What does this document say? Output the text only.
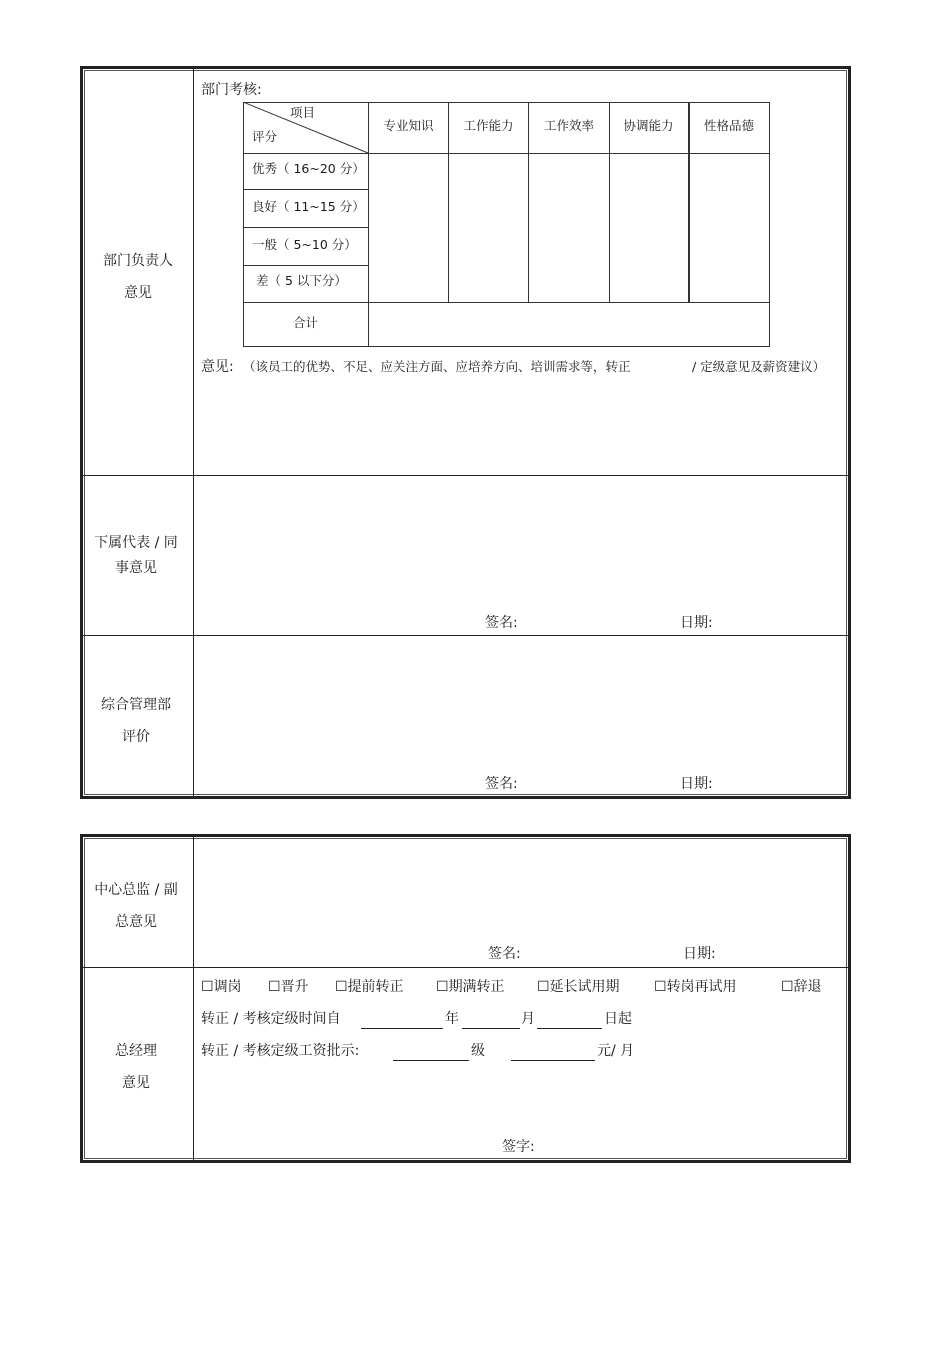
部门负责人
意见
部门考核:
项目
评分
专业知识	工作能力	工作效率	协调能力	性格品德
优秀（ 16~20 分）
良好（ 11~15 分）
一般（ 5~10 分）
差（ 5 以下分）
合计
意见: （该员工的优势、不足、应关注方面、应培养方向、培训需求等，转正	/ 定级意见及薪资建议）
下属代表 / 同
事意见
签名:	日期:
综合管理部
评价
签名:	日期:
中心总监 / 副
总意见
签名:	日期:
总经理
意见
☐调岗 ☐晋升 ☐提前转正 ☐期满转正 ☐延长试用期 ☐转岗再试用	☐辞退
转正 / 考核定级时间自	年	月	日起
转正 / 考核定级工资批示:	级	元/ 月
签字:
